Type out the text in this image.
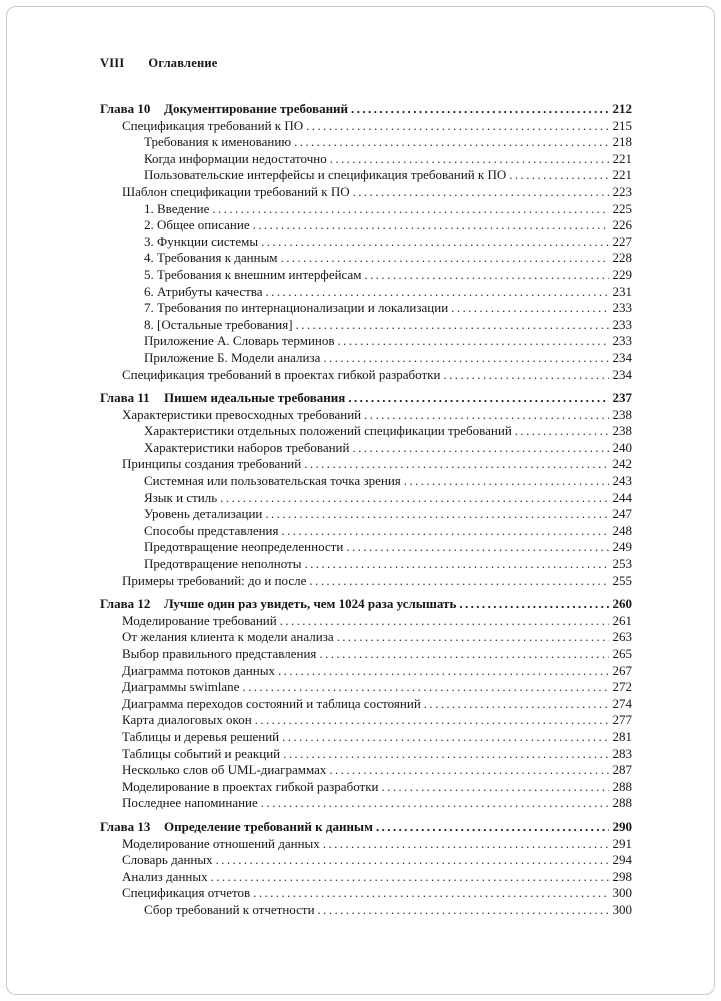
VIII Оглавление
Глава 10	Документирование требований .....	212
Спецификация требований к ПО .....	215
Требования к именованию .....	218
Когда информации недостаточно .....	221
Пользовательские интерфейсы и спецификация требований к ПО .....	221
Шаблон спецификации требований к ПО .....	223
1. Введение .....	225
2. Общее описание .....	226
3. Функции системы .....	227
4. Требования к данным .....	228
5. Требования к внешним интерфейсам .....	229
6. Атрибуты качества .....	231
7. Требования по интернационализации и локализации .....	233
8. [Остальные требования] .....	233
Приложение А. Словарь терминов .....	233
Приложение Б. Модели анализа .....	234
Спецификация требований в проектах гибкой разработки .....	234
Глава 11	Пишем идеальные требования .....	237
Характеристики превосходных требований .....	238
Характеристики отдельных положений спецификации требований .....	238
Характеристики наборов требований .....	240
Принципы создания требований .....	242
Системная или пользовательская точка зрения .....	243
Язык и стиль .....	244
Уровень детализации .....	247
Способы представления .....	248
Предотвращение неопределенности .....	249
Предотвращение неполноты .....	253
Примеры требований: до и после .....	255
Глава 12	Лучше один раз увидеть, чем 1024 раза услышать .....	260
Моделирование требований .....	261
От желания клиента к модели анализа .....	263
Выбор правильного представления .....	265
Диаграмма потоков данных .....	267
Диаграммы swimlane .....	272
Диаграмма переходов состояний и таблица состояний .....	274
Карта диалоговых окон .....	277
Таблицы и деревья решений .....	281
Таблицы событий и реакций .....	283
Несколько слов об UML-диаграммах .....	287
Моделирование в проектах гибкой разработки .....	288
Последнее напоминание .....	288
Глава 13	Определение требований к данным .....	290
Моделирование отношений данных .....	291
Словарь данных .....	294
Анализ данных .....	298
Спецификация отчетов .....	300
Сбор требований к отчетности .....	300
